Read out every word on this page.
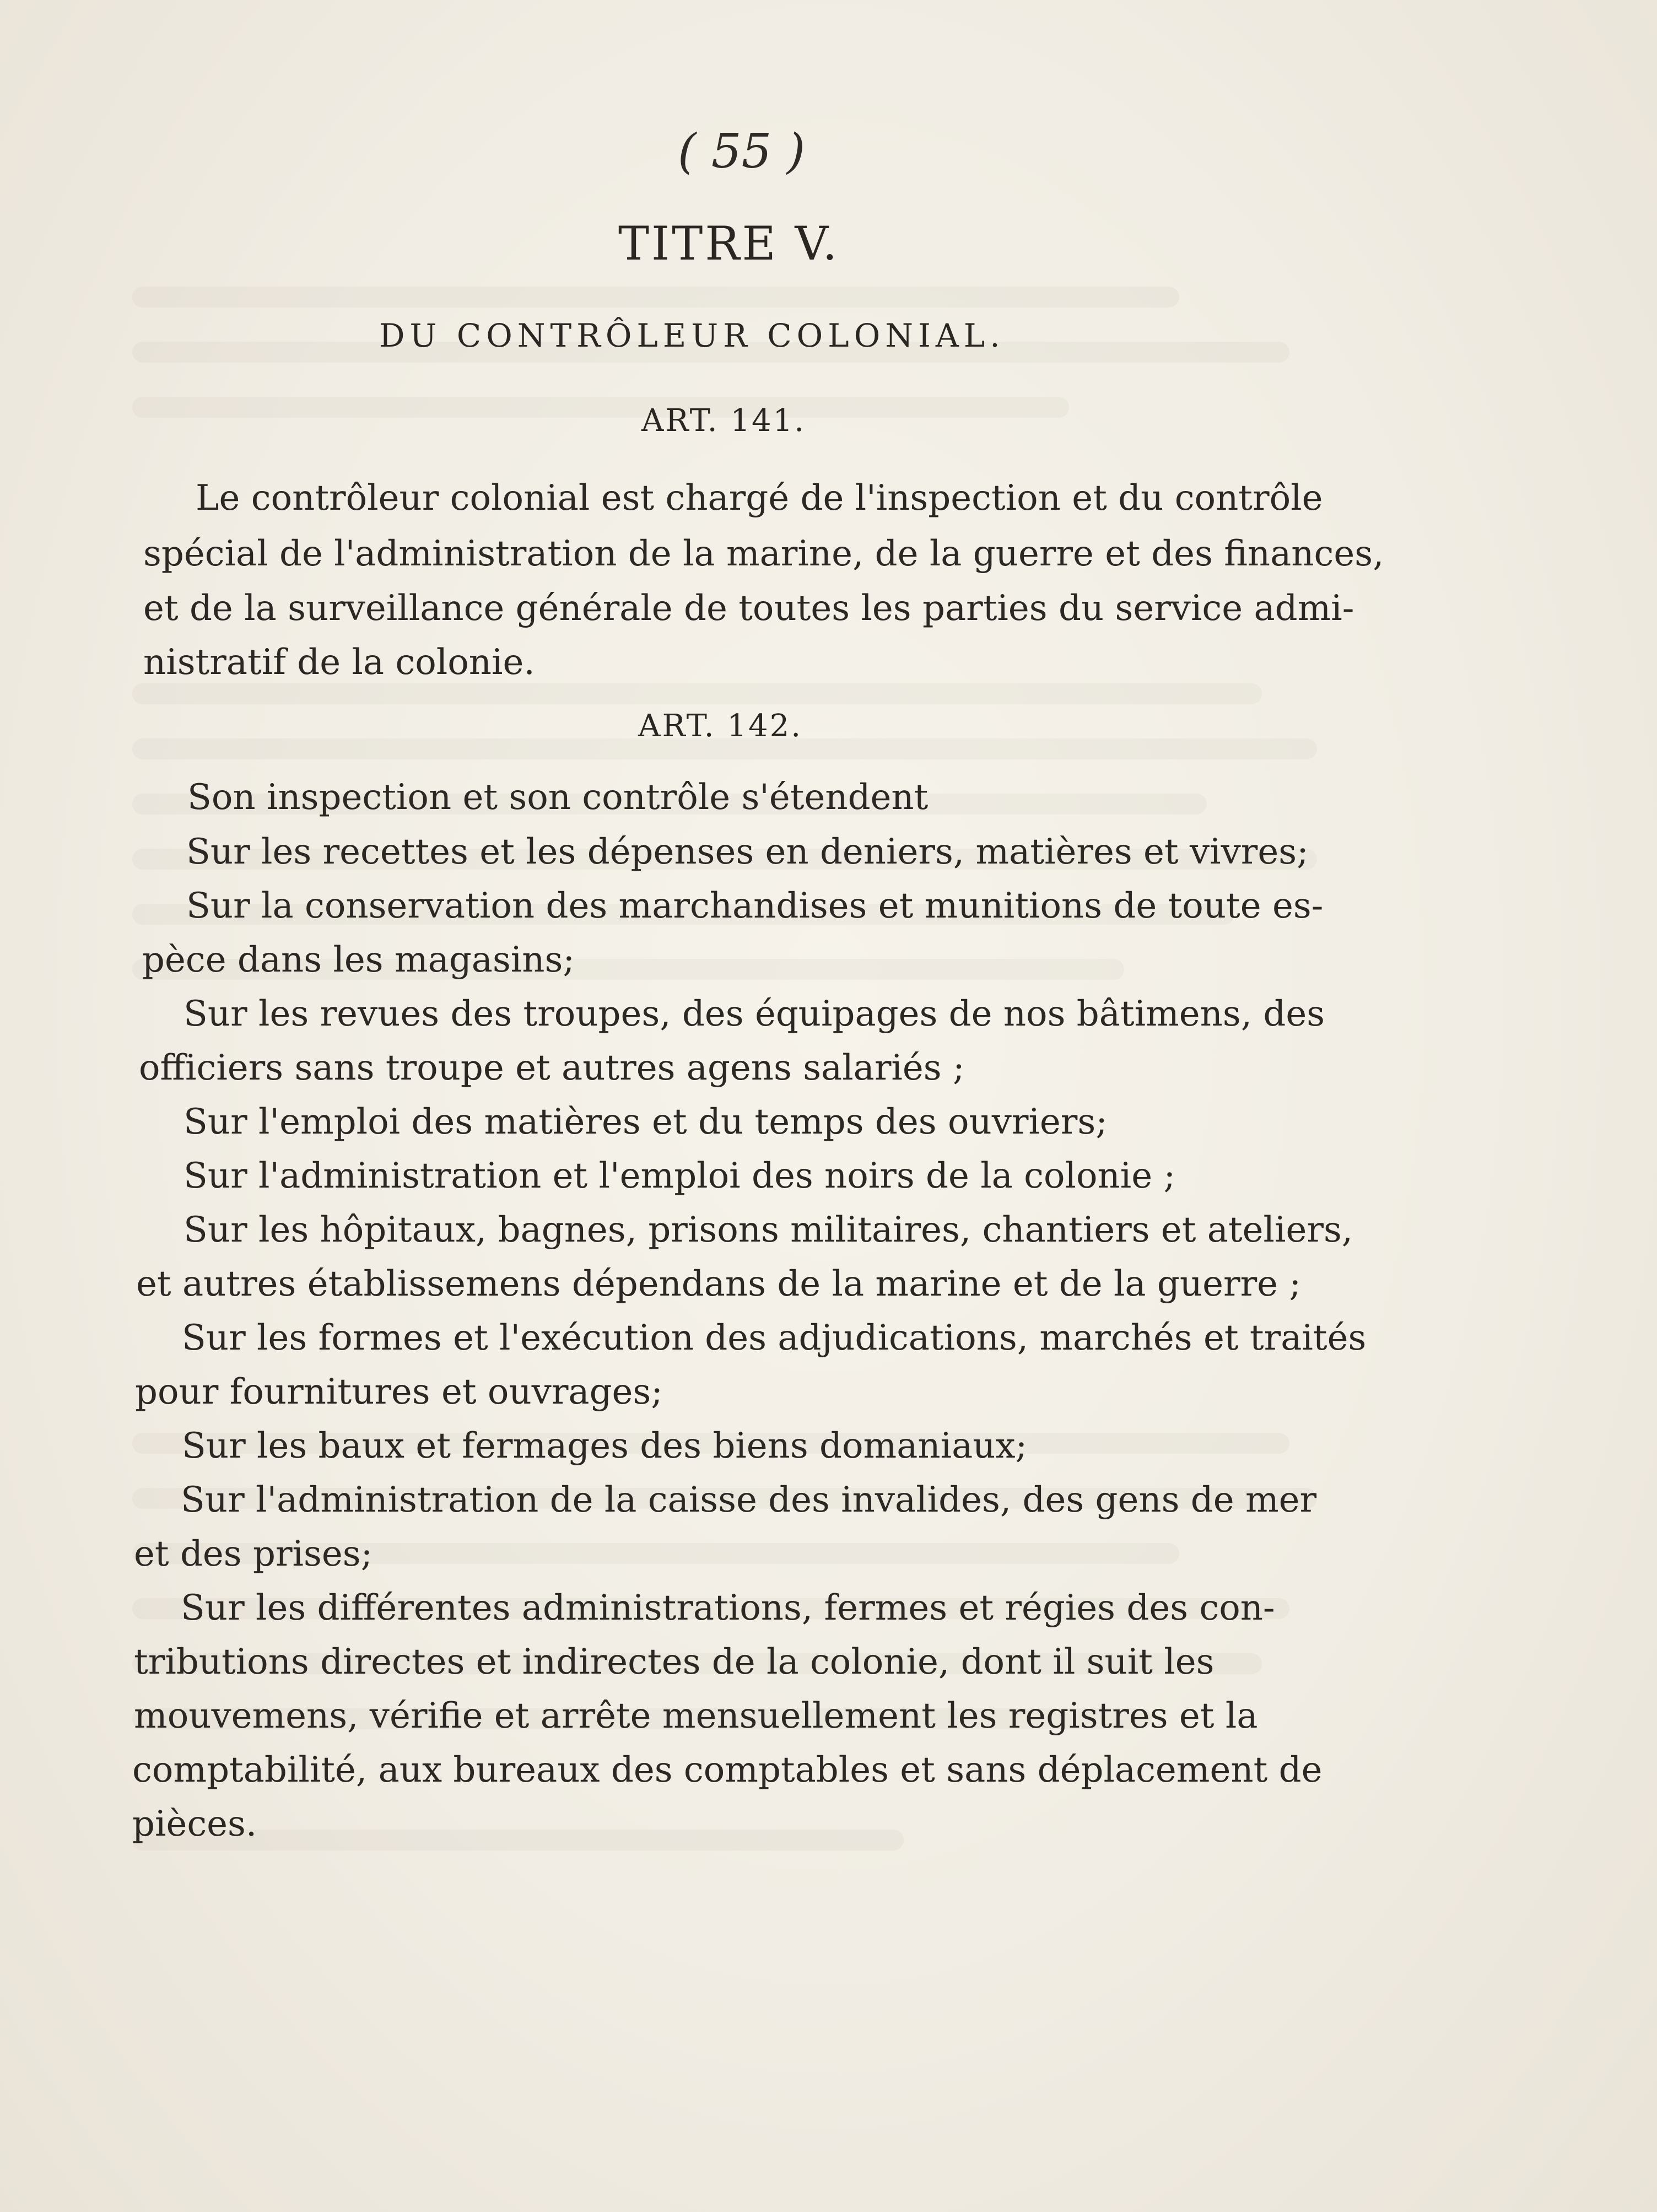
( 55 )
TITRE V.
DU CONTRÔLEUR COLONIAL.
ART. 141.
Le contrôleur colonial est chargé de l'inspection et du contrôle
spécial de l'administration de la marine, de la guerre et des finances,
et de la surveillance générale de toutes les parties du service admi-
nistratif de la colonie.
ART. 142.
Son inspection et son contrôle s'étendent
Sur les recettes et les dépenses en deniers, matières et vivres;
Sur la conservation des marchandises et munitions de toute es-
pèce dans les magasins;
Sur les revues des troupes, des équipages de nos bâtimens, des
officiers sans troupe et autres agens salariés ;
Sur l'emploi des matières et du temps des ouvriers;
Sur l'administration et l'emploi des noirs de la colonie ;
Sur les hôpitaux, bagnes, prisons militaires, chantiers et ateliers,
et autres établissemens dépendans de la marine et de la guerre ;
Sur les formes et l'exécution des adjudications, marchés et traités
pour fournitures et ouvrages;
Sur les baux et fermages des biens domaniaux;
Sur l'administration de la caisse des invalides, des gens de mer
et des prises;
Sur les différentes administrations, fermes et régies des con-
tributions directes et indirectes de la colonie, dont il suit les
mouvemens, vérifie et arrête mensuellement les registres et la
comptabilité, aux bureaux des comptables et sans déplacement de
pièces.
